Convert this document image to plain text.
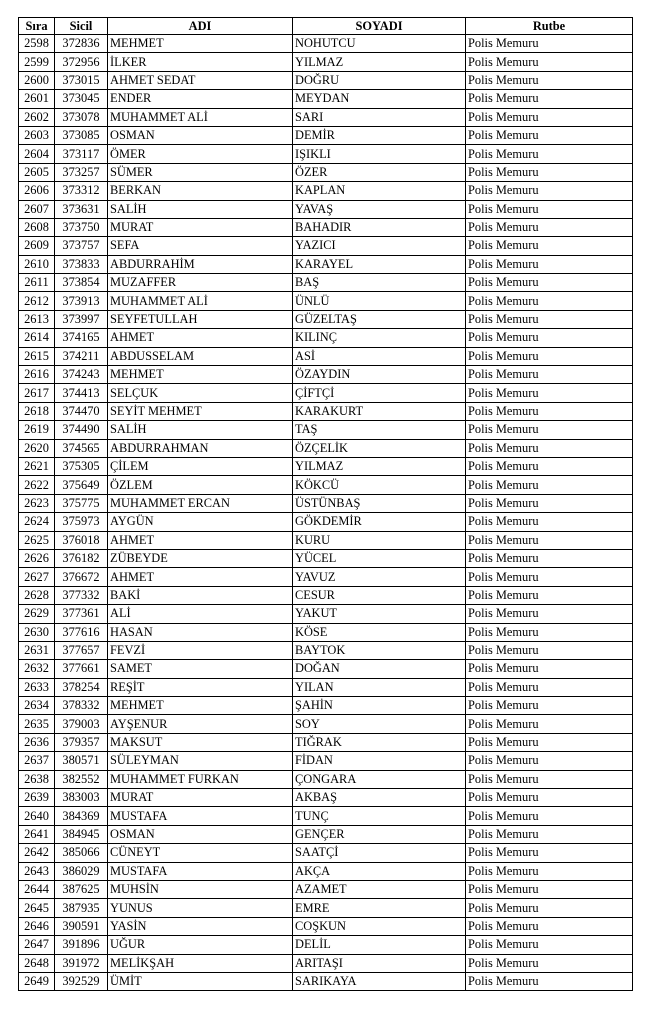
Sıra	Sicil	ADI	SOYADI	Rutbe
2598	372836	MEHMET	NOHUTCU	Polis Memuru
2599	372956	İLKER	YILMAZ	Polis Memuru
2600	373015	AHMET SEDAT	DOĞRU	Polis Memuru
2601	373045	ENDER	MEYDAN	Polis Memuru
2602	373078	MUHAMMET ALİ	SARI	Polis Memuru
2603	373085	OSMAN	DEMİR	Polis Memuru
2604	373117	ÖMER	IŞIKLI	Polis Memuru
2605	373257	SÜMER	ÖZER	Polis Memuru
2606	373312	BERKAN	KAPLAN	Polis Memuru
2607	373631	SALİH	YAVAŞ	Polis Memuru
2608	373750	MURAT	BAHADIR	Polis Memuru
2609	373757	SEFA	YAZICI	Polis Memuru
2610	373833	ABDURRAHİM	KARAYEL	Polis Memuru
2611	373854	MUZAFFER	BAŞ	Polis Memuru
2612	373913	MUHAMMET ALİ	ÜNLÜ	Polis Memuru
2613	373997	SEYFETULLAH	GÜZELTAŞ	Polis Memuru
2614	374165	AHMET	KILINÇ	Polis Memuru
2615	374211	ABDUSSELAM	ASİ	Polis Memuru
2616	374243	MEHMET	ÖZAYDIN	Polis Memuru
2617	374413	SELÇUK	ÇİFTÇİ	Polis Memuru
2618	374470	SEYİT MEHMET	KARAKURT	Polis Memuru
2619	374490	SALİH	TAŞ	Polis Memuru
2620	374565	ABDURRAHMAN	ÖZÇELİK	Polis Memuru
2621	375305	ÇİLEM	YILMAZ	Polis Memuru
2622	375649	ÖZLEM	KÖKCÜ	Polis Memuru
2623	375775	MUHAMMET ERCAN	ÜSTÜNBAŞ	Polis Memuru
2624	375973	AYGÜN	GÖKDEMİR	Polis Memuru
2625	376018	AHMET	KURU	Polis Memuru
2626	376182	ZÜBEYDE	YÜCEL	Polis Memuru
2627	376672	AHMET	YAVUZ	Polis Memuru
2628	377332	BAKİ	CESUR	Polis Memuru
2629	377361	ALİ	YAKUT	Polis Memuru
2630	377616	HASAN	KÖSE	Polis Memuru
2631	377657	FEVZİ	BAYTOK	Polis Memuru
2632	377661	SAMET	DOĞAN	Polis Memuru
2633	378254	REŞİT	YILAN	Polis Memuru
2634	378332	MEHMET	ŞAHİN	Polis Memuru
2635	379003	AYŞENUR	SOY	Polis Memuru
2636	379357	MAKSUT	TIĞRAK	Polis Memuru
2637	380571	SÜLEYMAN	FİDAN	Polis Memuru
2638	382552	MUHAMMET FURKAN	ÇONGARA	Polis Memuru
2639	383003	MURAT	AKBAŞ	Polis Memuru
2640	384369	MUSTAFA	TUNÇ	Polis Memuru
2641	384945	OSMAN	GENÇER	Polis Memuru
2642	385066	CÜNEYT	SAATÇİ	Polis Memuru
2643	386029	MUSTAFA	AKÇA	Polis Memuru
2644	387625	MUHSİN	AZAMET	Polis Memuru
2645	387935	YUNUS	EMRE	Polis Memuru
2646	390591	YASİN	COŞKUN	Polis Memuru
2647	391896	UĞUR	DELİL	Polis Memuru
2648	391972	MELİKŞAH	ARITAŞI	Polis Memuru
2649	392529	ÜMİT	SARIKAYA	Polis Memuru
